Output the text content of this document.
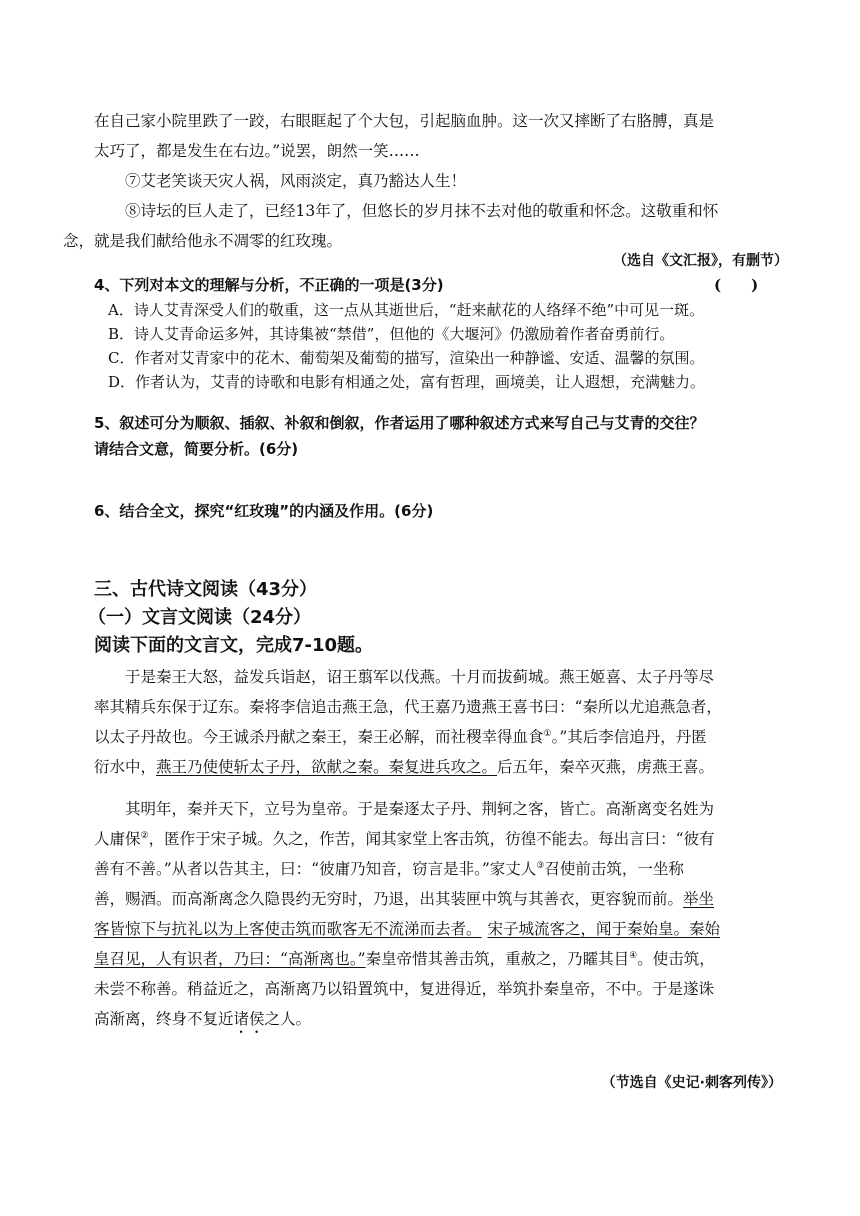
在自己家小院里跌了一跤，右眼眶起了个大包，引起脑血肿。这一次又摔断了右胳膊，真是
太巧了，都是发生在右边。”说罢，朗然一笑……
⑦艾老笑谈天灾人祸，风雨淡定，真乃豁达人生！
⑧诗坛的巨人走了，已经13年了，但悠长的岁月抹不去对他的敬重和怀念。这敬重和怀
念，就是我们献给他永不凋零的红玫瑰。
（选自《文汇报》，有删节）
4、下列对本文的理解与分析，不正确的一项是(3分)	(　　)
A．诗人艾青深受人们的敬重，这一点从其逝世后，“赶来献花的人络绎不绝”中可见一斑。
B．诗人艾青命运多舛，其诗集被“禁借”，但他的《大堰河》仍激励着作者奋勇前行。
C．作者对艾青家中的花木、葡萄架及葡萄的描写，渲染出一种静谧、安适、温馨的氛围。
D．作者认为，艾青的诗歌和电影有相通之处，富有哲理，画境美，让人遐想，充满魅力。
5、叙述可分为顺叙、插叙、补叙和倒叙，作者运用了哪种叙述方式来写自己与艾青的交往？
请结合文意，简要分析。(6分)
6、结合全文，探究“红玫瑰”的内涵及作用。(6分)
三、古代诗文阅读（43分）
（一）文言文阅读（24分）
阅读下面的文言文，完成7-10题。
于是秦王大怒，益发兵诣赵，诏王翦军以伐燕。十月而拔蓟城。燕王姬喜、太子丹等尽
率其精兵东保于辽东。秦将李信追击燕王急，代王嘉乃遗燕王喜书曰：“秦所以尤追燕急者，
以太子丹故也。今王诚杀丹献之秦王，秦王必解，而社稷幸得血食①。”其后李信追丹，丹匿
衍水中，燕王乃使使斩太子丹，欲献之秦。秦复进兵攻之。后五年，秦卒灭燕，虏燕王喜。
其明年，秦并天下，立号为皇帝。于是秦逐太子丹、荆轲之客，皆亡。高渐离变名姓为
人庸保②，匿作于宋子城。久之，作苦，闻其家堂上客击筑，彷徨不能去。每出言曰：“彼有
善有不善。”从者以告其主，曰：“彼庸乃知音，窃言是非。”家丈人③召使前击筑，一坐称
善，赐酒。而高渐离念久隐畏约无穷时，乃退，出其装匣中筑与其善衣，更容貌而前。举坐
客皆惊下与抗礼以为上客使击筑而歌客无不流涕而去者。 宋子城流客之，闻于秦始皇。秦始
皇召见，人有识者，乃曰：“高渐离也。”秦皇帝惜其善击筑，重赦之，乃矐其目④。使击筑，
未尝不称善。稍益近之，高渐离乃以铅置筑中，复进得近，举筑扑秦皇帝，不中。于是遂诛
高渐离，终身不复近诸侯之人。
（节选自《史记·刺客列传》）
